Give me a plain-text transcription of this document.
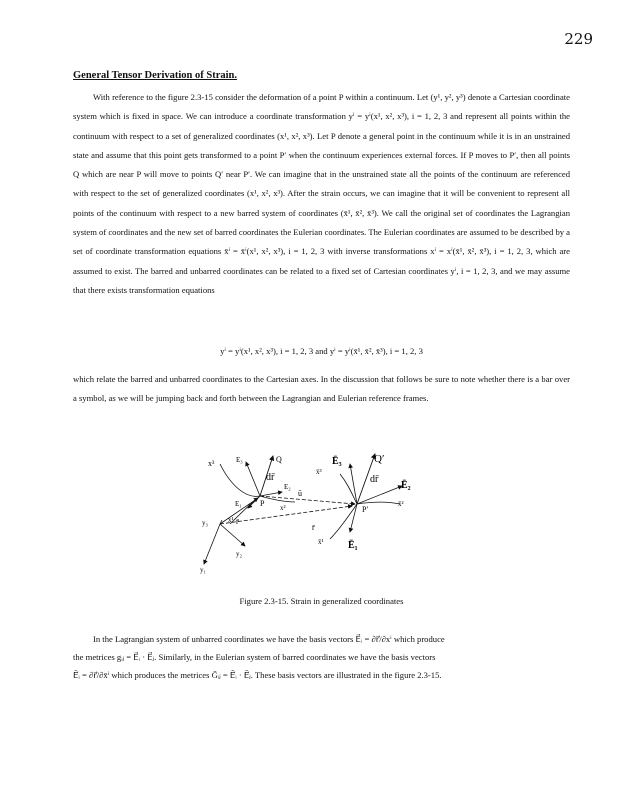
229
General Tensor Derivation of Strain.

With reference to the figure 2.3-15 consider the deformation of a point P within a continuum. Let (y¹, y², y³) denote a Cartesian coordinate system which is fixed in space. We can introduce a coordinate transformation yⁱ = yⁱ(x¹, x², x³), i = 1, 2, 3 and represent all points within the continuum with respect to a set of generalized coordinates (x¹, x², x³). Let P denote a general point in the continuum while it is in an unstrained state and assume that this point gets transformed to a point P′ when the continuum experiences external forces. If P moves to P′, then all points Q which are near P will move to points Q′ near P′. We can imagine that in the unstrained state all the points of the continuum are referenced with respect to the set of generalized coordinates (x¹, x², x³). After the strain occurs, we can imagine that it will be convenient to represent all points of the continuum with respect to a new barred system of coordinates (x̄¹, x̄², x̄³). We call the original set of coordinates the Lagrangian system of coordinates and the new set of barred coordinates the Eulerian coordinates. The Eulerian coordinates are assumed to be described by a set of coordinate transformation equations x̄ⁱ = x̄ⁱ(x¹, x², x³), i = 1, 2, 3 with inverse transformations xⁱ = xⁱ(x̄¹, x̄², x̄³), i = 1, 2, 3, which are assumed to exist. The barred and unbarred coordinates can be related to a fixed set of Cartesian coordinates yⁱ, i = 1, 2, 3, and we may assume that there exists transformation equations

yⁱ = yⁱ(x¹, x², x³), i = 1, 2, 3 and yⁱ = yⁱ(x̄¹, x̄², x̄³), i = 1, 2, 3

which relate the barred and unbarred coordinates to the Cartesian axes. In the discussion that follows be sure to note whether there is a bar over a symbol, as we will be jumping back and forth between the Lagrangian and Eulerian reference frames.

x³	E₃	Q
dr̄
E₂
ū
E₁ P x²
y₃	x¹ r̄
y₂
y₁
Ē₃	Q′
x̄³
dr̄
Ē₂
P′
x̄²
r̄
x̄¹ Ē₁
Figure 2.3-15. Strain in generalized coordinates
In the Lagrangian system of unbarred coordinates we have the basis vectors E⃗ᵢ = ∂r⃗/∂xⁱ which produce
the metrices gᵢⱼ = E⃗ᵢ · E⃗ⱼ. Similarly, in the Eulerian system of barred coordinates we have the basis vectors
Ē⃗ᵢ = ∂r⃗/∂x̄ⁱ which produces the metrices Ḡᵢⱼ = Ē⃗ᵢ · Ē⃗ⱼ. These basis vectors are illustrated in the figure 2.3-15.
